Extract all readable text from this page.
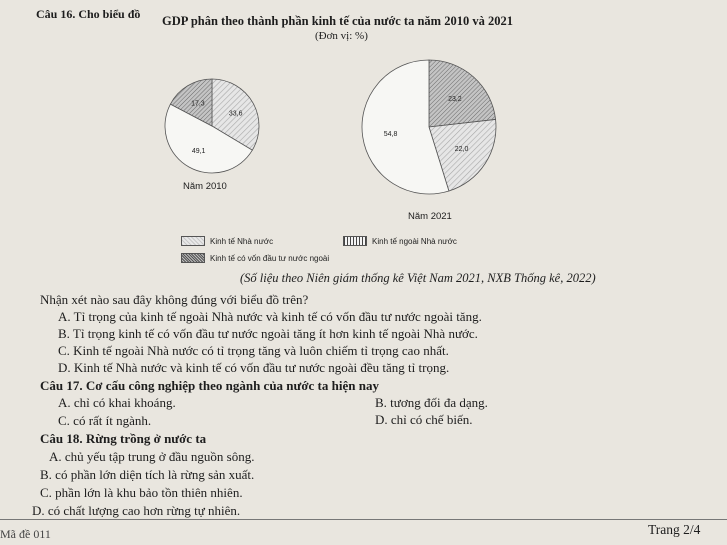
Câu 16. Cho biểu đồ GDP phân theo thành phần kinh tế của nước ta năm 2010 và 2021
(Đơn vị: %)
33,6
49,1
17,3
23,2
22,0
54,8
Năm 2010
Năm 2021
Kinh tế Nhà nước	Kinh tế ngoài Nhà nước
Kinh tế có vốn đầu tư nước ngoài
(Số liệu theo Niên giám thống kê Việt Nam 2021, NXB Thống kê, 2022)
Nhận xét nào sau đây không đúng với biểu đồ trên?
A. Tỉ trọng của kinh tế ngoài Nhà nước và kinh tế có vốn đầu tư nước ngoài tăng.
B. Tỉ trọng kinh tế có vốn đầu tư nước ngoài tăng ít hơn kinh tế ngoài Nhà nước.
C. Kinh tế ngoài Nhà nước có tỉ trọng tăng và luôn chiếm tỉ trọng cao nhất.
D. Kinh tế Nhà nước và kinh tế có vốn đầu tư nước ngoài đều tăng tỉ trọng.
Câu 17. Cơ cấu công nghiệp theo ngành của nước ta hiện nay
A. chỉ có khai khoáng.	B. tương đối đa dạng.
C. có rất ít ngành.	D. chỉ có chế biến.
Câu 18. Rừng trồng ở nước ta
A. chủ yếu tập trung ở đầu nguồn sông.
B. có phần lớn diện tích là rừng sản xuất.
C. phần lớn là khu bảo tồn thiên nhiên.
D. có chất lượng cao hơn rừng tự nhiên.
Mã đề 011	Trang 2/4
